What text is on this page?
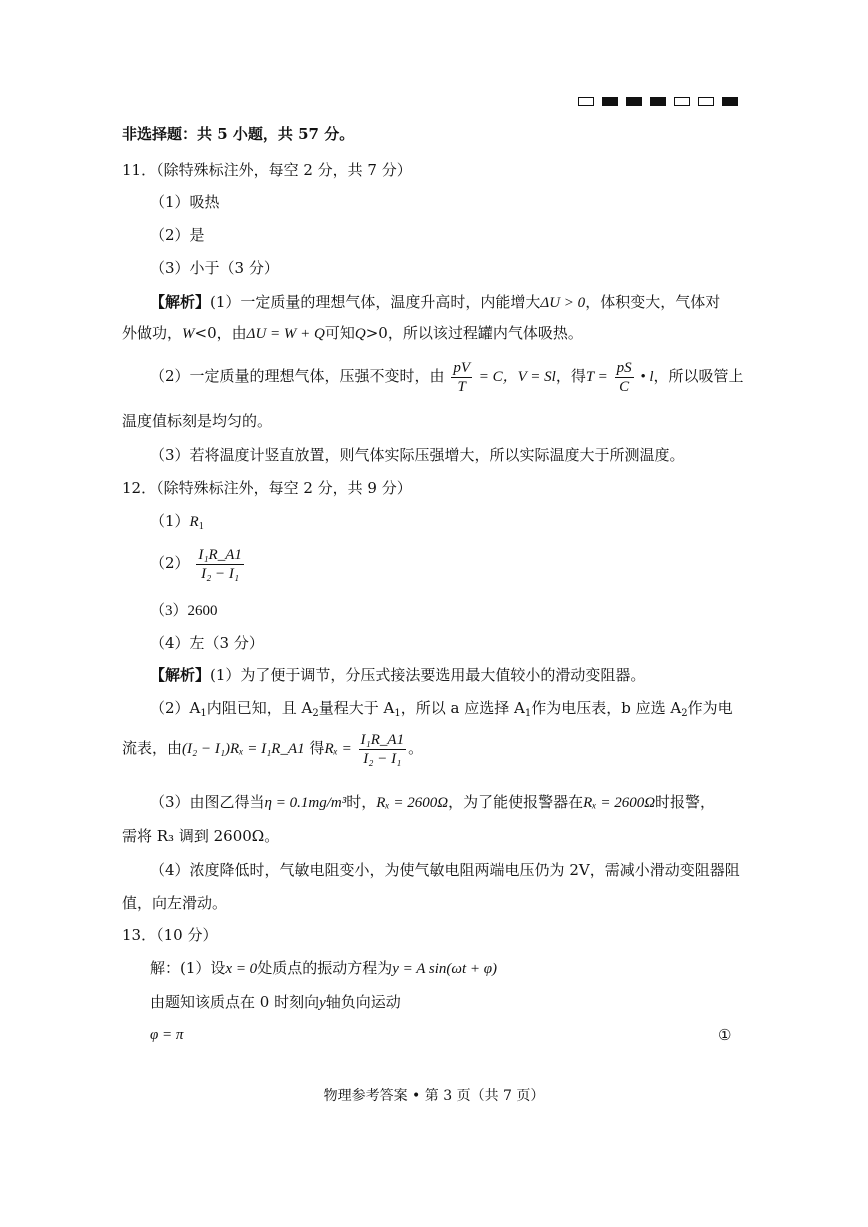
非选择题：共 5 小题，共 57 分。
11．（除特殊标注外，每空 2 分，共 7 分）
（1）吸热
（2）是
（3）小于（3 分）
【解析】(1）一定质量的理想气体，温度升高时，内能增大ΔU > 0，体积变大，气体对
外做功，W<0，由ΔU = W + Q可知Q>0，所以该过程罐内气体吸热。
（2）一定质量的理想气体，压强不变时，由 $\frac{pV}{T} = C$，V = Sl，得$T = \frac{pS}{C}$ • l，所以吸管上
温度值标刻是均匀的。
（3）若将温度计竖直放置，则气体实际压强增大，所以实际温度大于所测温度。
12．（除特殊标注外，每空 2 分，共 9 分）
$(1)R_1$
$(2) \frac{\text{I₁R\_A1}}{\text{I₂ − I₁}}$
（3）2600
（4）左（3 分）
【解析】(1）为了便于调节，分压式接法要选用最大值较小的滑动变阻器。
$(2)A_1$内阻已知，且 $A_2$量程大于 $A_1$，所以 a 应选择 $A_1$作为电压表，b 应选 $A_2$作为电
流表，由(I₂ − I₁)Rₓ = I₁R_A1 得$R_x = \frac{\text{I₁R\_A1}}{\text{I₂ − I₁}}$ 。
（3）由图乙得当η = 0.1mg/m³时，Rₓ = 2600Ω，为了能使报警器在Rₓ = 2600Ω时报警，
需将 R₃ 调到 2600Ω。
（4）浓度降低时，气敏电阻变小，为使气敏电阻两端电压仍为 2V，需减小滑动变阻器阻
值，向左滑动。
13．（10 分）
解：(1）设x = 0处质点的振动方程为y = A sin(ωt + φ)
由题知该质点在 0 时刻向y轴负向运动
φ = π	①
物理参考答案 • 第 3 页（共 7 页）
